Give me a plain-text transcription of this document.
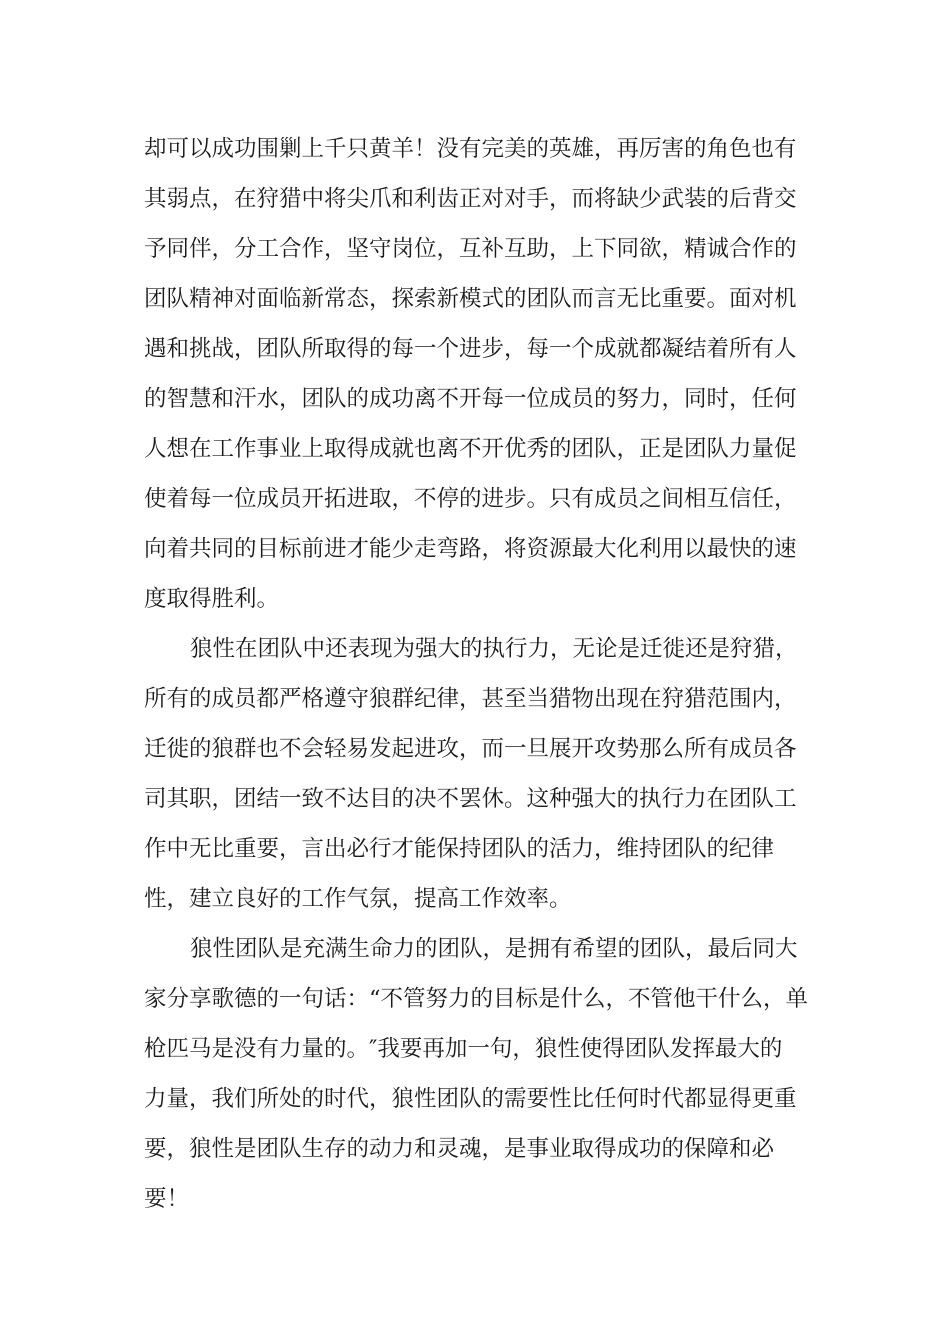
却可以成功围剿上千只黄羊！没有完美的英雄，再厉害的角色也有
其弱点，在狩猎中将尖爪和利齿正对对手，而将缺少武装的后背交
予同伴，分工合作，坚守岗位，互补互助，上下同欲，精诚合作的
团队精神对面临新常态，探索新模式的团队而言无比重要。面对机
遇和挑战，团队所取得的每一个进步，每一个成就都凝结着所有人
的智慧和汗水，团队的成功离不开每一位成员的努力，同时，任何
人想在工作事业上取得成就也离不开优秀的团队，正是团队力量促
使着每一位成员开拓进取，不停的进步。只有成员之间相互信任，
向着共同的目标前进才能少走弯路，将资源最大化利用以最快的速
度取得胜利。

狼性在团队中还表现为强大的执行力，无论是迁徙还是狩猎，
所有的成员都严格遵守狼群纪律，甚至当猎物出现在狩猎范围内，
迁徙的狼群也不会轻易发起进攻，而一旦展开攻势那么所有成员各
司其职，团结一致不达目的决不罢休。这种强大的执行力在团队工
作中无比重要，言出必行才能保持团队的活力，维持团队的纪律
性，建立良好的工作气氛，提高工作效率。

狼性团队是充满生命力的团队，是拥有希望的团队，最后同大
家分享歌德的一句话：“不管努力的目标是什么，不管他干什么，单
枪匹马是没有力量的。″我要再加一句，狼性使得团队发挥最大的
力量，我们所处的时代，狼性团队的需要性比任何时代都显得更重
要，狼性是团队生存的动力和灵魂，是事业取得成功的保障和必
要！
